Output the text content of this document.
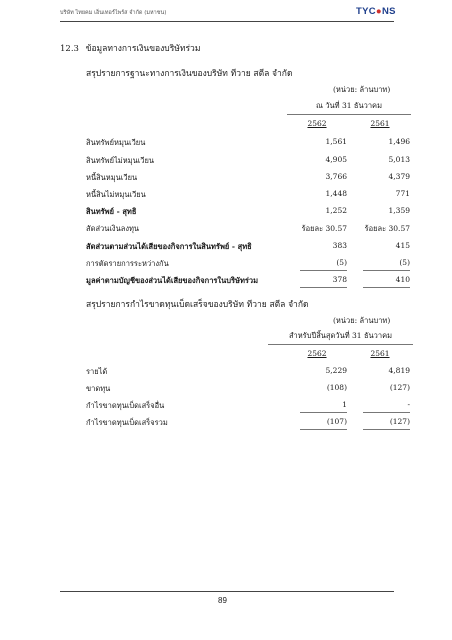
บริษัท ไทยคม เอ็นเทอร์ไพร์ส จำกัด (มหาชน)	TYC●NS
12.3 ข้อมูลทางการเงินของบริษัทร่วม
สรุปรายการฐานะทางการเงินของบริษัท ทีวาย สตีล จำกัด
(หน่วย: ล้านบาท)
ณ วันที่ 31 ธันวาคม
2562	2561
สินทรัพย์หมุนเวียน	1,561	1,496
สินทรัพย์ไม่หมุนเวียน	4,905	5,013
หนี้สินหมุนเวียน	3,766	4,379
หนี้สินไม่หมุนเวียน	1,448	771
สินทรัพย์ - สุทธิ	1,252	1,359
สัดส่วนเงินลงทุน	ร้อยละ 30.57	ร้อยละ 30.57
สัดส่วนตามส่วนได้เสียของกิจการในสินทรัพย์ - สุทธิ	383	415
การตัดรายการระหว่างกัน	(5)	(5)
มูลค่าตามบัญชีของส่วนได้เสียของกิจการในบริษัทร่วม	378	410
สรุปรายการกำไรขาดทุนเบ็ดเสร็จของบริษัท ทีวาย สตีล จำกัด
(หน่วย: ล้านบาท)
สำหรับปีสิ้นสุดวันที่ 31 ธันวาคม
2562	2561
รายได้	5,229	4,819
ขาดทุน	(108)	(127)
กำไรขาดทุนเบ็ดเสร็จอื่น	1	-
กำไรขาดทุนเบ็ดเสร็จรวม	(107)	(127)
89
